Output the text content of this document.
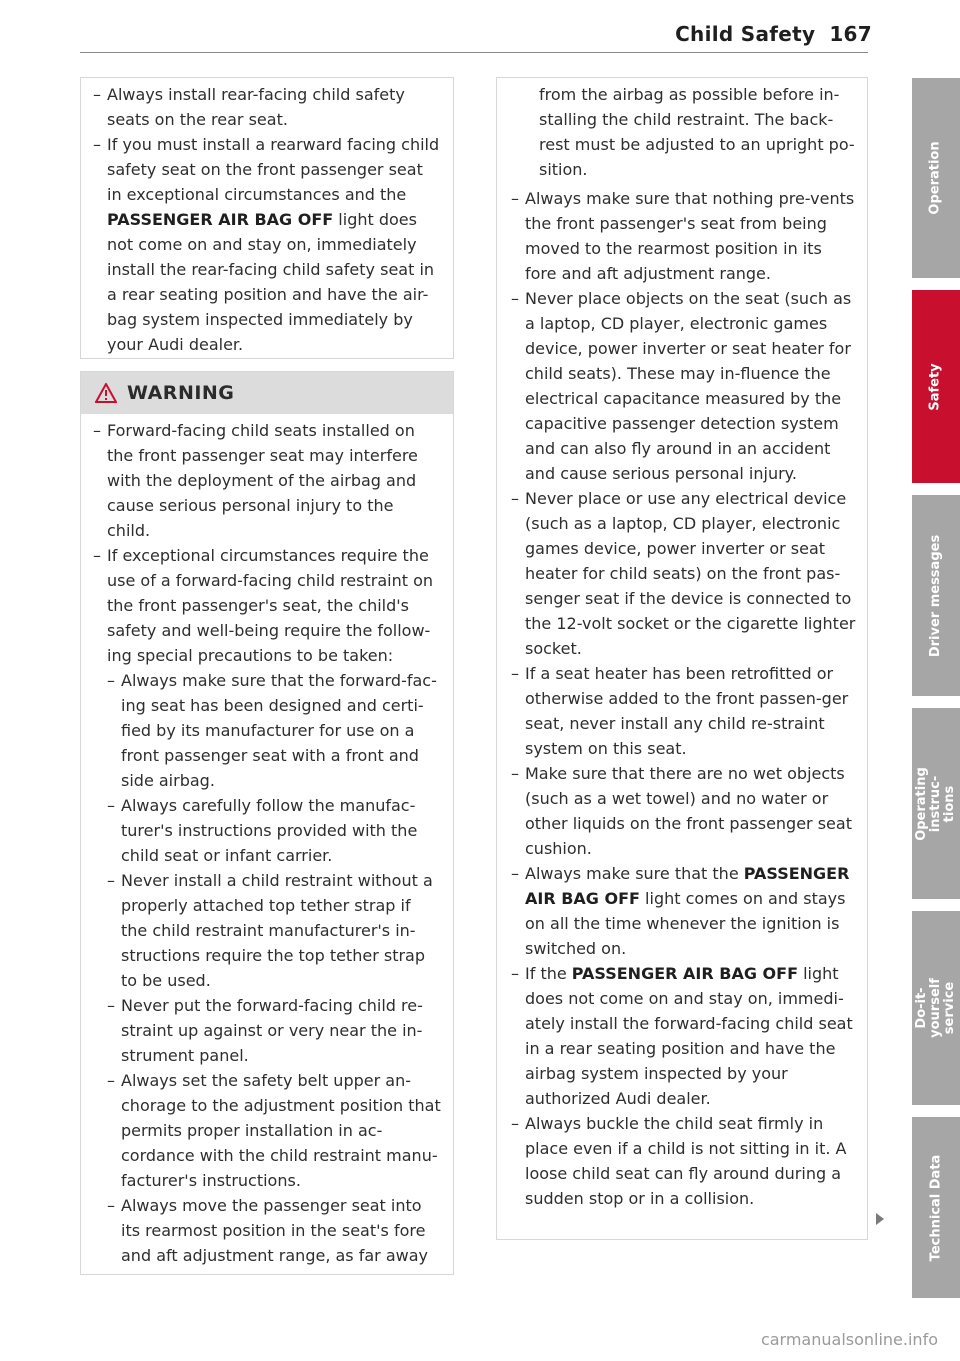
Child Safety 167
– Always install rear-facing child safety seats on the rear seat.
– If you must install a rearward facing child safety seat on the front passenger seat in exceptional circumstances and the PASSENGER AIR BAG OFF light does not come on and stay on, immediately install the rear-facing child safety seat in a rear seating position and have the air-bag system inspected immediately by your Audi dealer.
WARNING
– Forward-facing child seats installed on the front passenger seat may interfere with the deployment of the airbag and cause serious personal injury to the child.
– If exceptional circumstances require the use of a forward-facing child restraint on the front passenger's seat, the child's safety and well-being require the follow-ing special precautions to be taken:
– Always make sure that the forward-fac-ing seat has been designed and certi-fied by its manufacturer for use on a front passenger seat with a front and side airbag.
– Always carefully follow the manufac-turer's instructions provided with the child seat or infant carrier.
– Never install a child restraint without a properly attached top tether strap if the child restraint manufacturer's in-structions require the top tether strap to be used.
– Never put the forward-facing child re-straint up against or very near the in-strument panel.
– Always set the safety belt upper an-chorage to the adjustment position that permits proper installation in ac-cordance with the child restraint manu-facturer's instructions.
– Always move the passenger seat into its rearmost position in the seat's fore and aft adjustment range, as far away
from the airbag as possible before in-stalling the child restraint. The back-rest must be adjusted to an upright po-sition.
– Always make sure that nothing pre-vents the front passenger's seat from being moved to the rearmost position in its fore and aft adjustment range.
– Never place objects on the seat (such as a laptop, CD player, electronic games device, power inverter or seat heater for child seats). These may in-fluence the electrical capacitance measured by the capacitive passenger detection system and can also fly around in an accident and cause serious personal injury.
– Never place or use any electrical device (such as a laptop, CD player, electronic games device, power inverter or seat heater for child seats) on the front pas-senger seat if the device is connected to the 12-volt socket or the cigarette lighter socket.
– If a seat heater has been retrofitted or otherwise added to the front passen-ger seat, never install any child re-straint system on this seat.
– Make sure that there are no wet objects (such as a wet towel) and no water or other liquids on the front passenger seat cushion.
– Always make sure that the PASSENGER AIR BAG OFF light comes on and stays on all the time whenever the ignition is switched on.
– If the PASSENGER AIR BAG OFF light does not come on and stay on, immedi-ately install the forward-facing child seat in a rear seating position and have the airbag system inspected by your authorized Audi dealer.
– Always buckle the child seat firmly in place even if a child is not sitting in it. A loose child seat can fly around during a sudden stop or in a collision.
Operation
Safety
Driver messages
Operating instruc-tions
Do-it-yourself service
Technical Data
carmanualsonline.info
